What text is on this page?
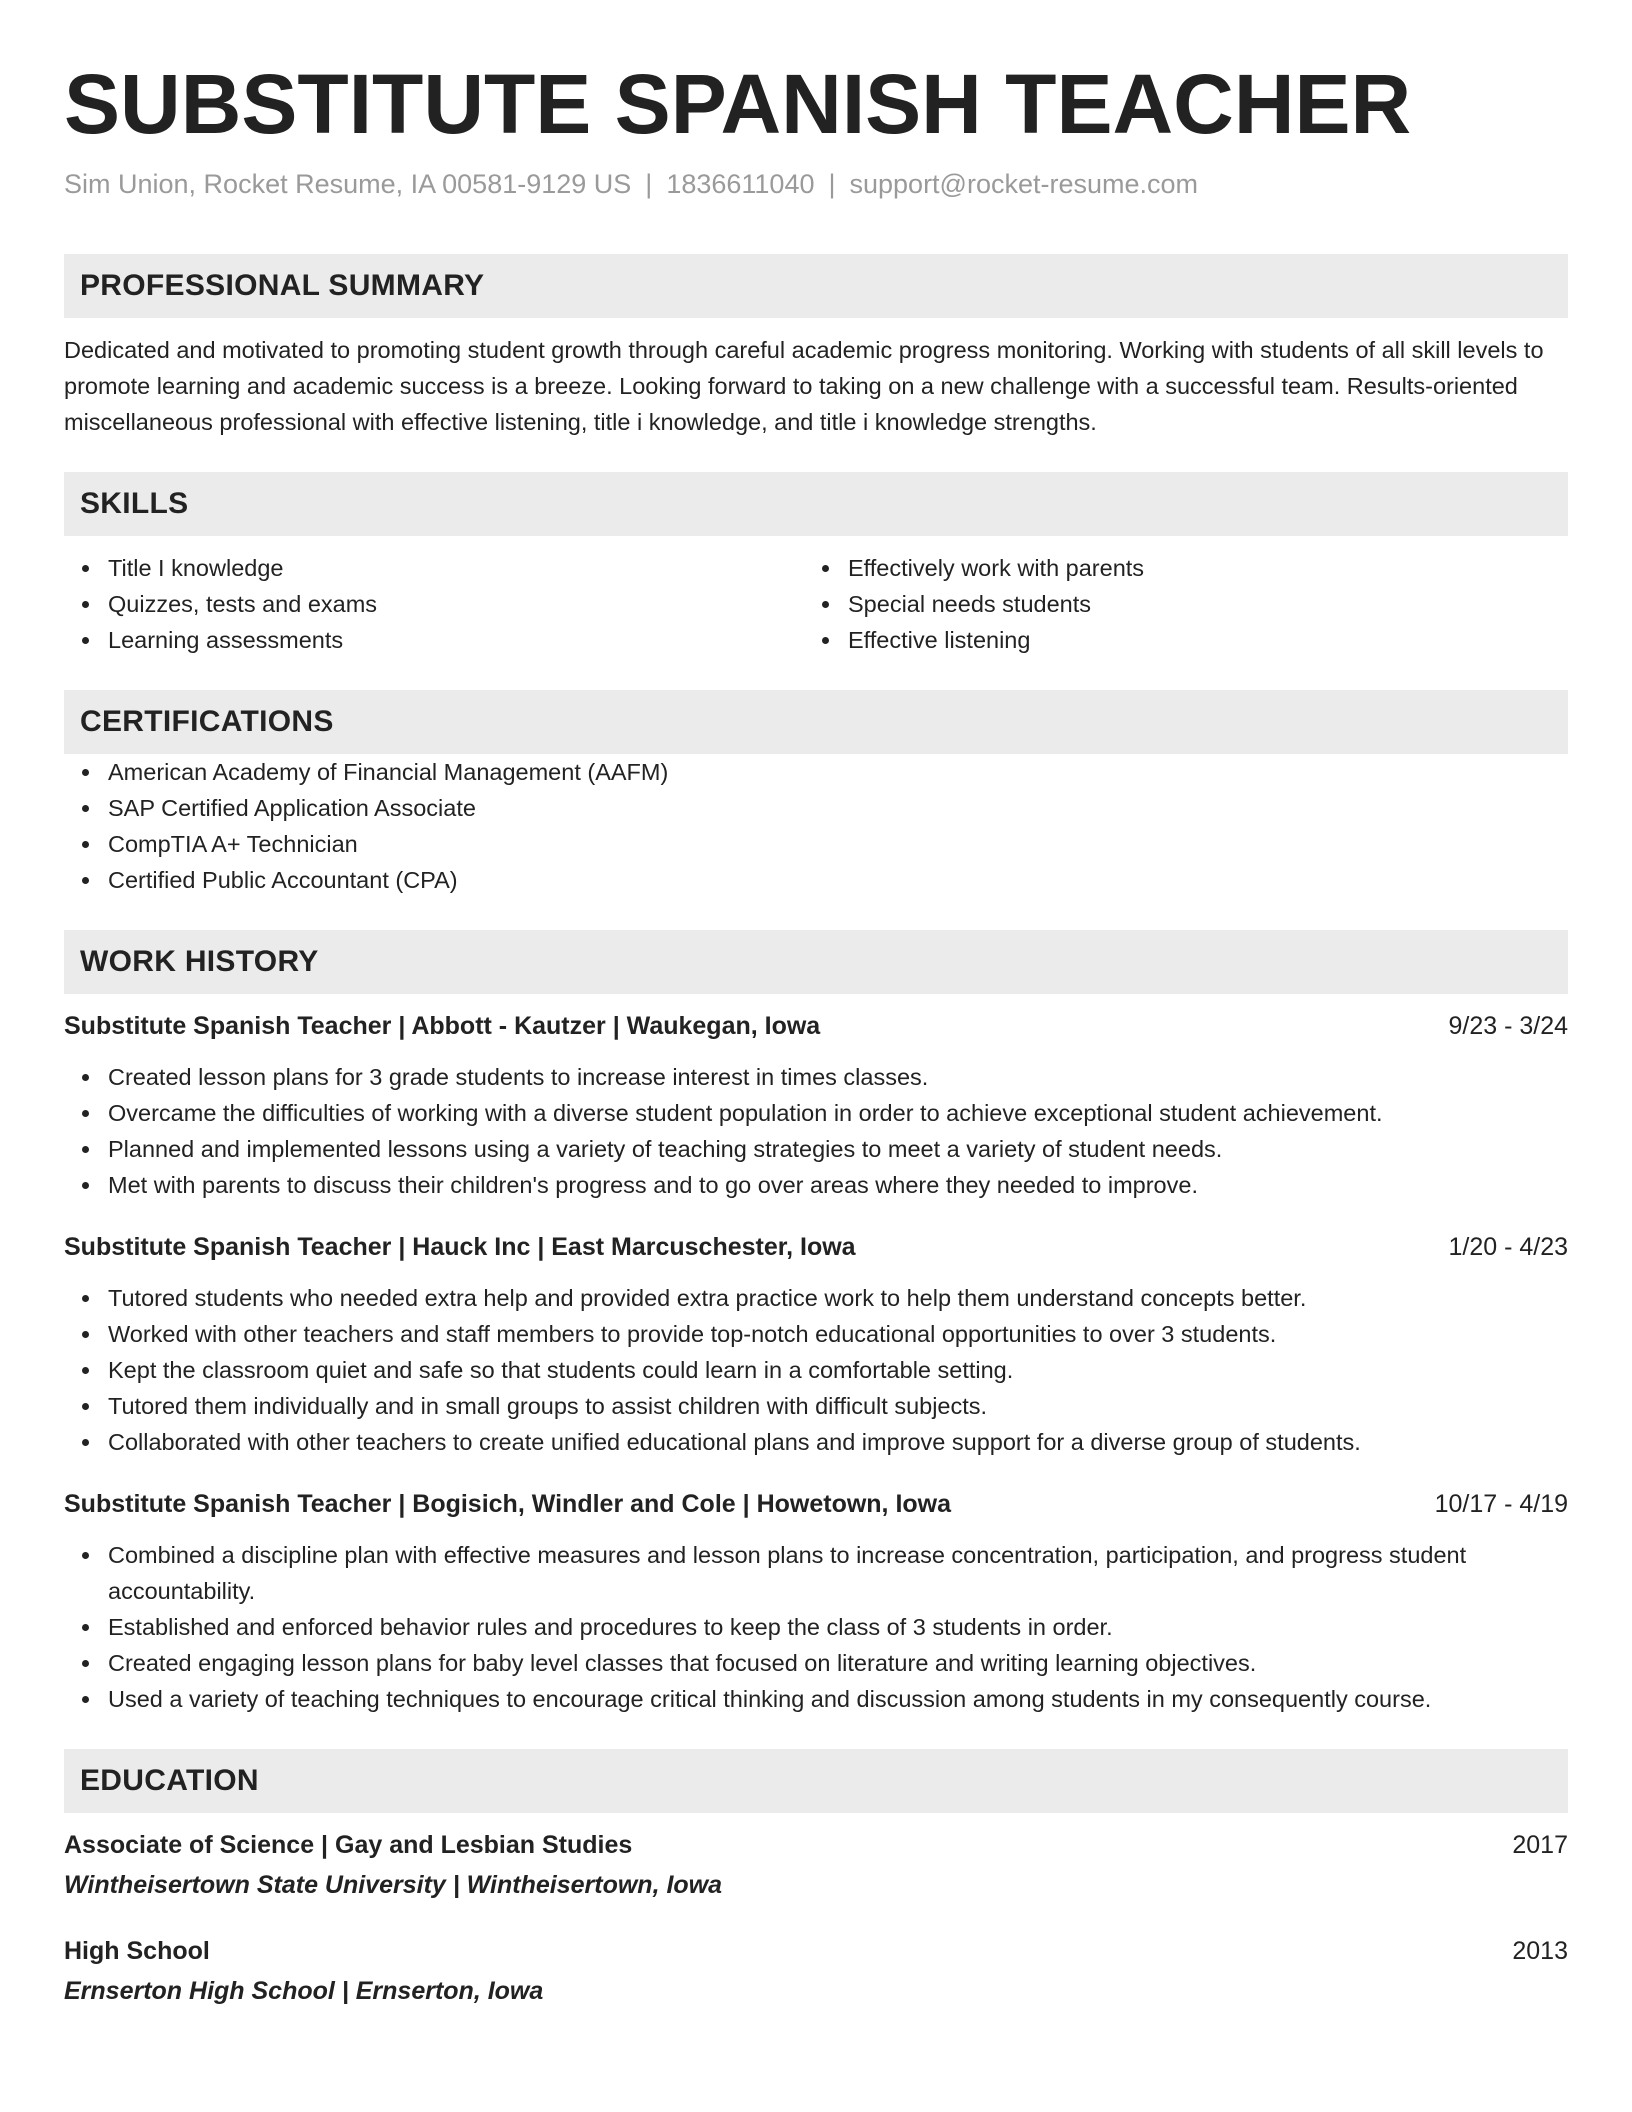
SUBSTITUTE SPANISH TEACHER
Sim Union, Rocket Resume, IA 00581-9129 US | 1836611040 | support@rocket-resume.com
PROFESSIONAL SUMMARY
Dedicated and motivated to promoting student growth through careful academic progress monitoring. Working with students of all skill levels to promote learning and academic success is a breeze. Looking forward to taking on a new challenge with a successful team. Results-oriented miscellaneous professional with effective listening, title i knowledge, and title i knowledge strengths.
SKILLS
Title I knowledge
Quizzes, tests and exams
Learning assessments
Effectively work with parents
Special needs students
Effective listening
CERTIFICATIONS
American Academy of Financial Management (AAFM)
SAP Certified Application Associate
CompTIA A+ Technician
Certified Public Accountant (CPA)
WORK HISTORY
Substitute Spanish Teacher | Abbott - Kautzer | Waukegan, Iowa	9/23 - 3/24
Created lesson plans for 3 grade students to increase interest in times classes.
Overcame the difficulties of working with a diverse student population in order to achieve exceptional student achievement.
Planned and implemented lessons using a variety of teaching strategies to meet a variety of student needs.
Met with parents to discuss their children's progress and to go over areas where they needed to improve.
Substitute Spanish Teacher | Hauck Inc | East Marcuschester, Iowa	1/20 - 4/23
Tutored students who needed extra help and provided extra practice work to help them understand concepts better.
Worked with other teachers and staff members to provide top-notch educational opportunities to over 3 students.
Kept the classroom quiet and safe so that students could learn in a comfortable setting.
Tutored them individually and in small groups to assist children with difficult subjects.
Collaborated with other teachers to create unified educational plans and improve support for a diverse group of students.
Substitute Spanish Teacher | Bogisich, Windler and Cole | Howetown, Iowa	10/17 - 4/19
Combined a discipline plan with effective measures and lesson plans to increase concentration, participation, and progress student accountability.
Established and enforced behavior rules and procedures to keep the class of 3 students in order.
Created engaging lesson plans for baby level classes that focused on literature and writing learning objectives.
Used a variety of teaching techniques to encourage critical thinking and discussion among students in my consequently course.
EDUCATION
Associate of Science | Gay and Lesbian Studies	2017
Wintheisertown State University | Wintheisertown, Iowa
High School	2013
Ernserton High School | Ernserton, Iowa
